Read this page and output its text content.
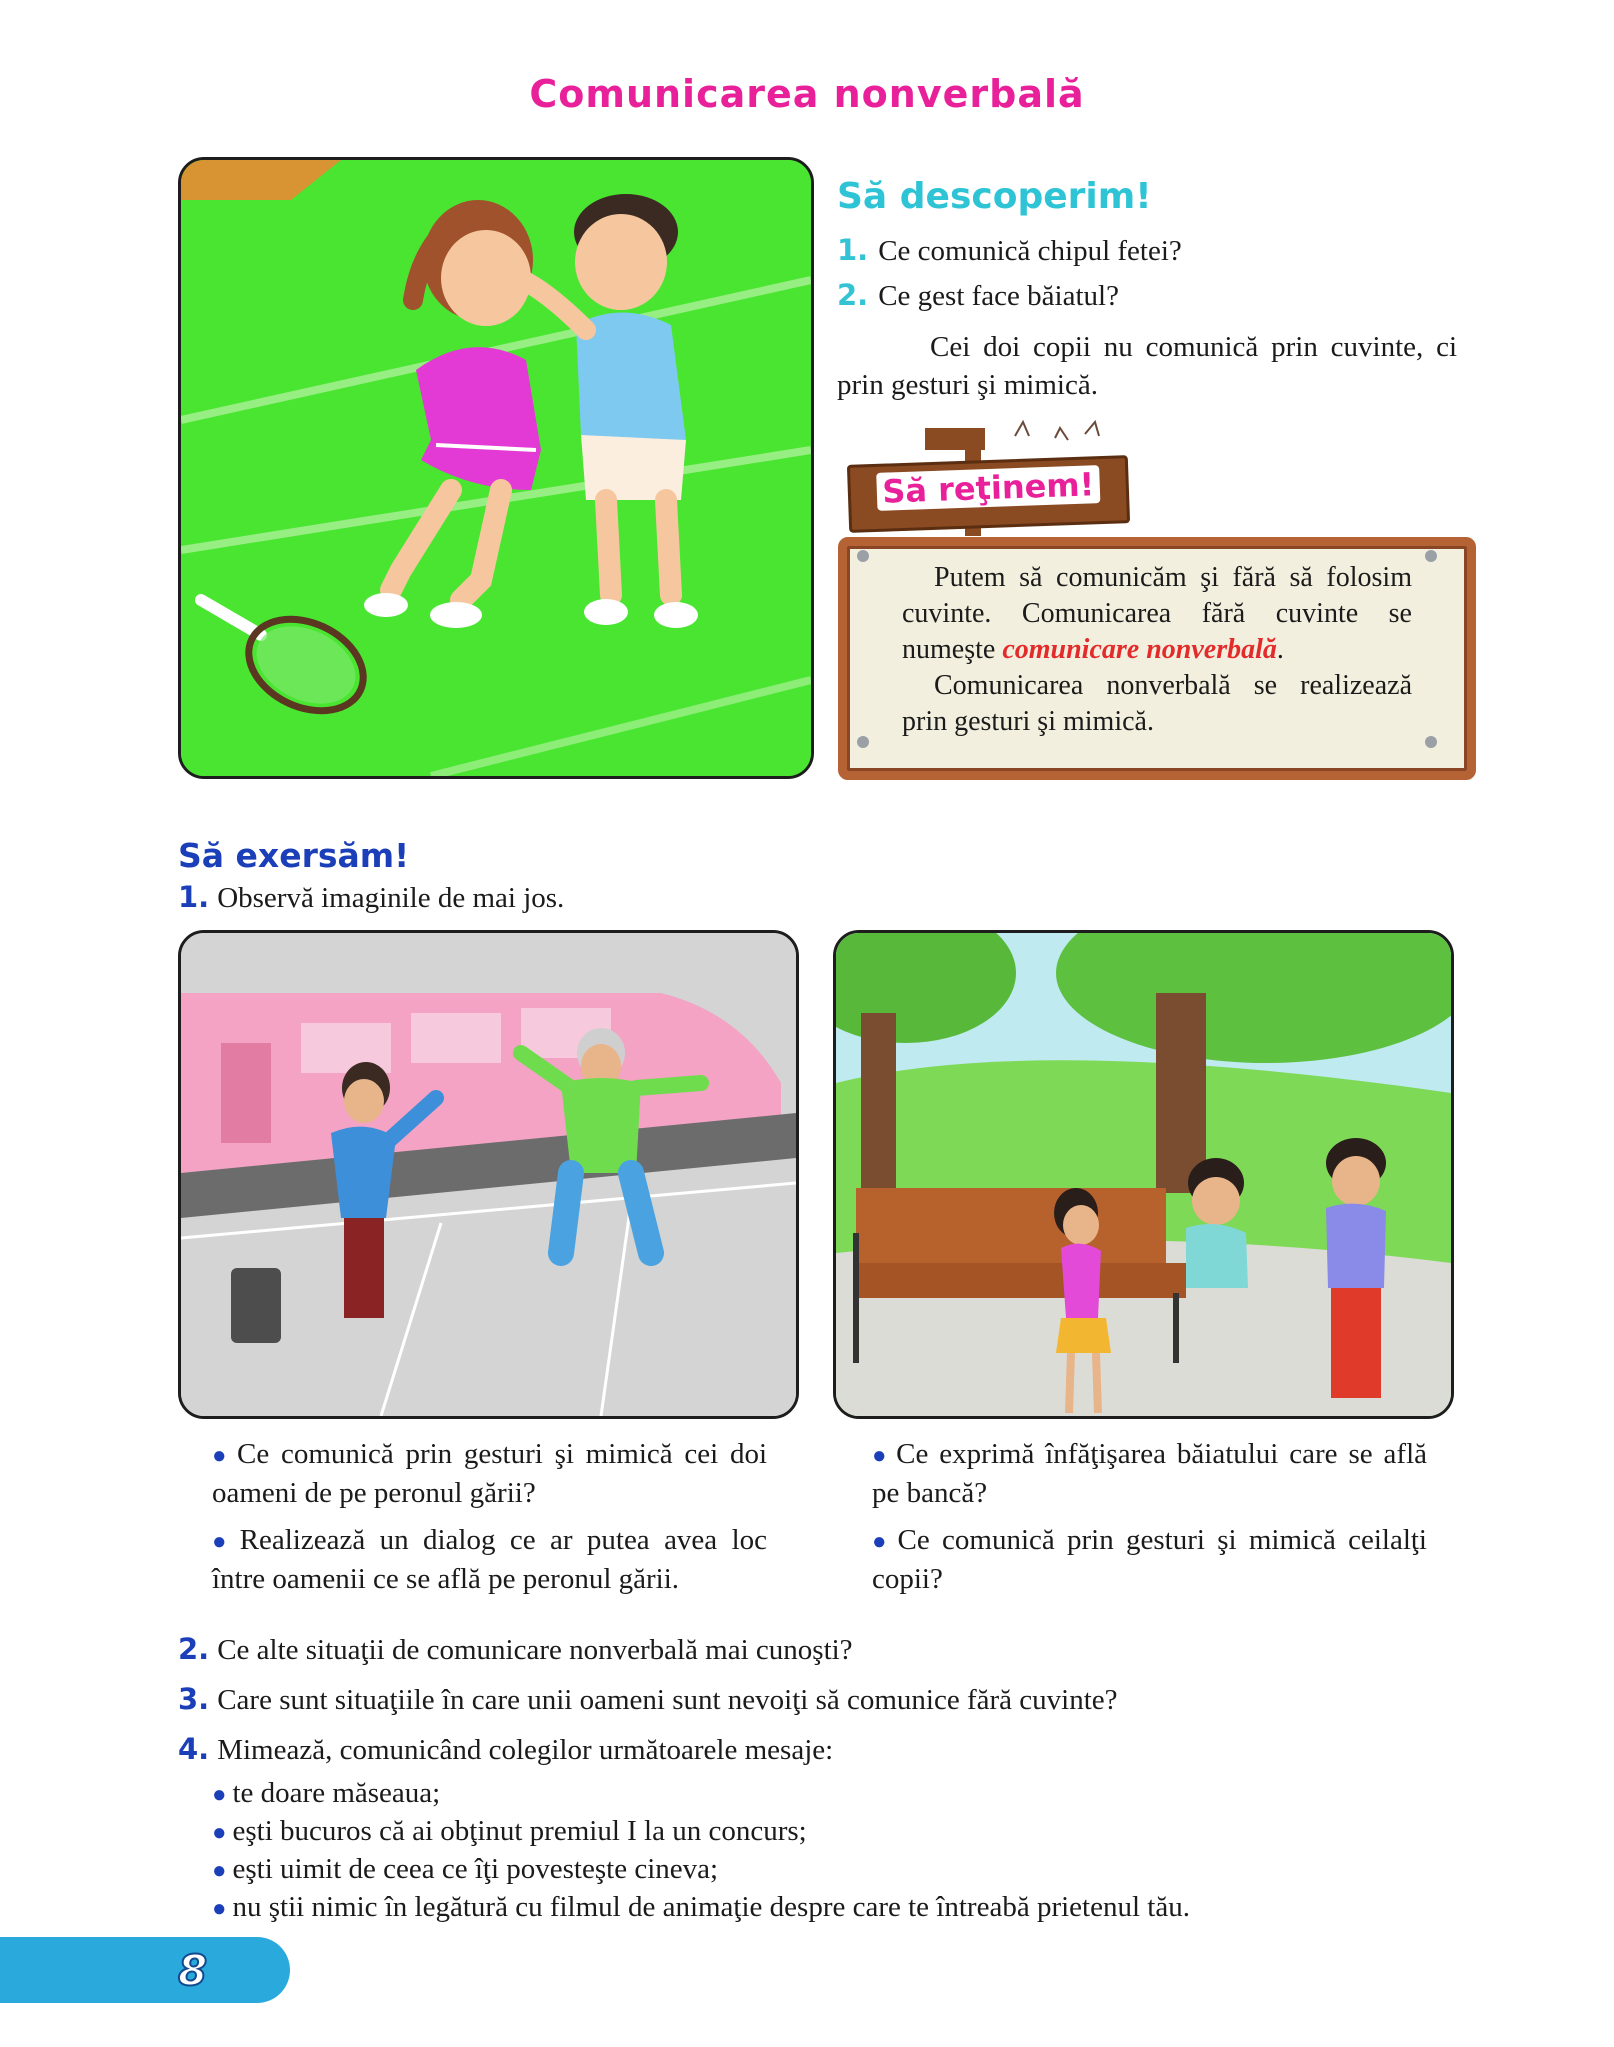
Comunicarea nonverbală
Să descoperim!
1. Ce comunică chipul fetei?
2. Ce gest face băiatul?
Cei doi copii nu comunică prin cuvinte, ci prin gesturi şi mimică.
Să reţinem!
Putem să comunicăm şi fără să folosim cuvinte. Comunicarea fără cuvinte se numeşte comunicare nonverbală.
Comunicarea nonverbală se realizează prin gesturi şi mimică.
Să exersăm!
1. Observă imaginile de mai jos.
● Ce comunică prin gesturi şi mimică cei doi oameni de pe peronul gării?
● Realizează un dialog ce ar putea avea loc între oamenii ce se află pe peronul gării.
● Ce exprimă înfăţişarea băiatului care se află pe bancă?
● Ce comunică prin gesturi şi mimică ceilalţi copii?
2. Ce alte situaţii de comunicare nonverbală mai cunoşti?
3. Care sunt situaţiile în care unii oameni sunt nevoiţi să comunice fără cuvinte?
4. Mimează, comunicând colegilor următoarele mesaje:
● te doare măseaua;
● eşti bucuros că ai obţinut premiul I la un concurs;
● eşti uimit de ceea ce îţi povesteşte cineva;
● nu ştii nimic în legătură cu filmul de animaţie despre care te întreabă prietenul tău.
8
